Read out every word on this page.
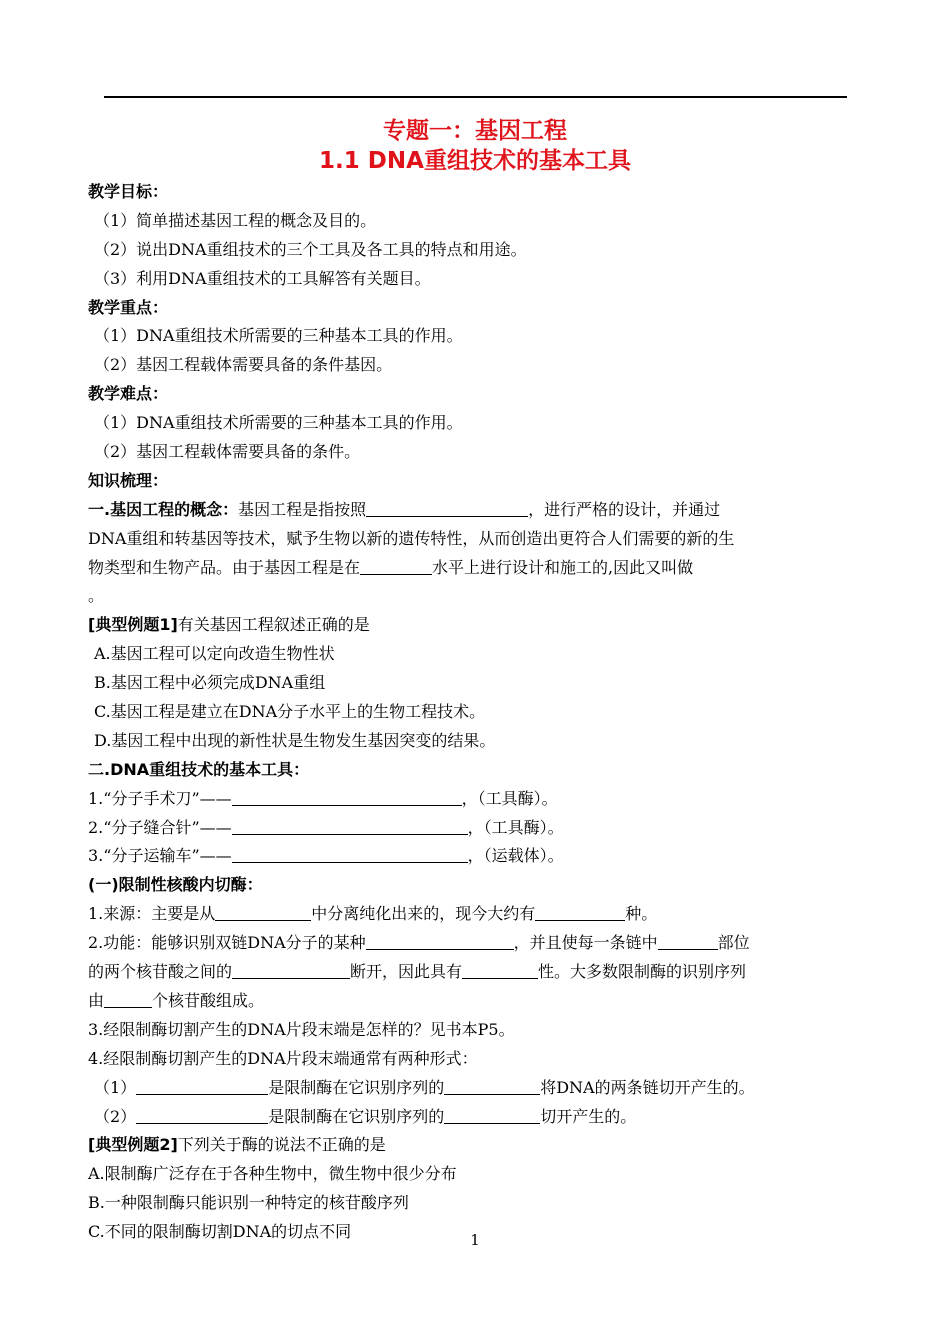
专题一：基因工程
1.1 DNA重组技术的基本工具
教学目标：
（1）简单描述基因工程的概念及目的。
（2）说出DNA重组技术的三个工具及各工具的特点和用途。
（3）利用DNA重组技术的工具解答有关题目。
教学重点：
（1）DNA重组技术所需要的三种基本工具的作用。
（2）基因工程载体需要具备的条件基因。
教学难点：
（1）DNA重组技术所需要的三种基本工具的作用。
（2）基因工程载体需要具备的条件。
知识梳理：
一.基因工程的概念：基因工程是指按照	，进行严格的设计，并通过
DNA重组和转基因等技术，赋予生物以新的遗传特性，从而创造出更符合人们需要的新的生
物类型和生物产品。由于基因工程是在	水平上进行设计和施工的,因此又叫做
。
[典型例题1]有关基因工程叙述正确的是
A.基因工程可以定向改造生物性状
B.基因工程中必须完成DNA重组
C.基因工程是建立在DNA分子水平上的生物工程技术。
D.基因工程中出现的新性状是生物发生基因突变的结果。
二.DNA重组技术的基本工具：
1.“分子手术刀”——	，（工具酶）。
2.“分子缝合针”——	，（工具酶）。
3.“分子运输车”——	，（运载体）。
(一)限制性核酸内切酶：
1.来源：主要是从	中分离纯化出来的，现今大约有	种。
2.功能：能够识别双链DNA分子的某种	，并且使每一条链中	部位
的两个核苷酸之间的	断开，因此具有	性。大多数限制酶的识别序列
由	个核苷酸组成。
3.经限制酶切割产生的DNA片段末端是怎样的？见书本P5。
4.经限制酶切割产生的DNA片段末端通常有两种形式：
（1）	是限制酶在它识别序列的	将DNA的两条链切开产生的。
（2）	是限制酶在它识别序列的	切开产生的。
[典型例题2]下列关于酶的说法不正确的是
A.限制酶广泛存在于各种生物中，微生物中很少分布
B.一种限制酶只能识别一种特定的核苷酸序列
C.不同的限制酶切割DNA的切点不同	1
